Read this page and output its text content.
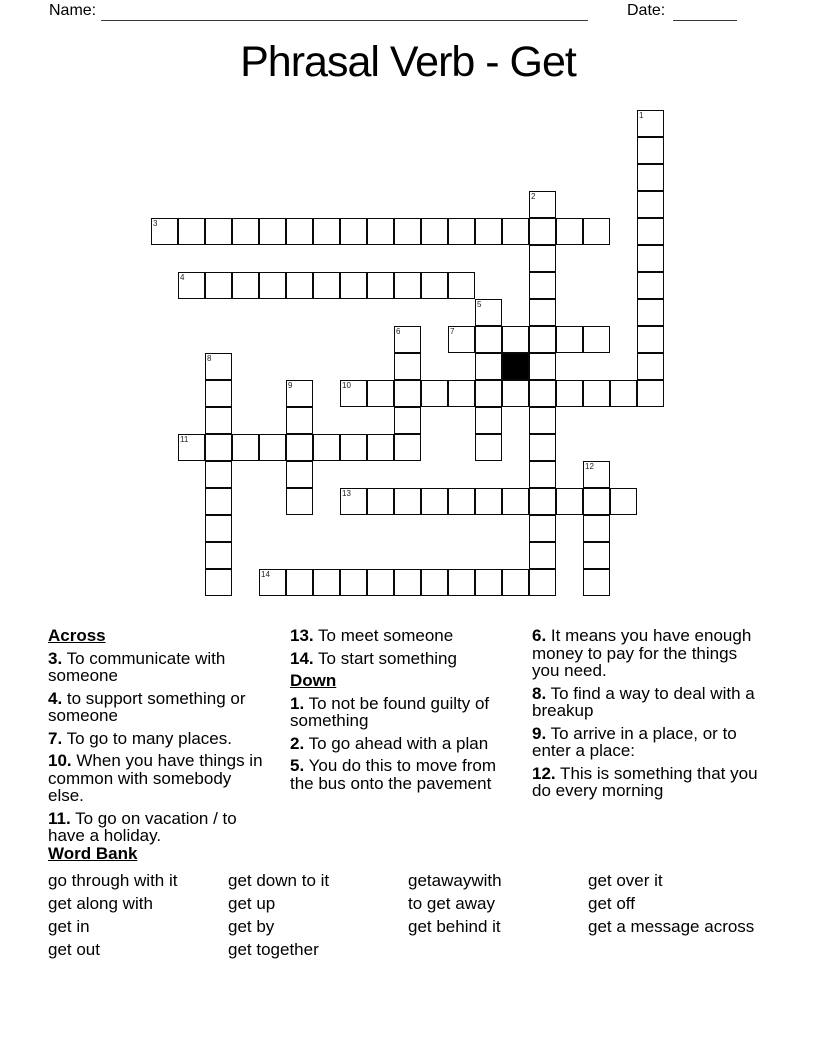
Name:	Date:
Phrasal Verb - Get
1
2
3
4
5
6	7
8
9	10
11
12
13
14

Across

3. To communicate with someone

4. to support something or someone

7. To go to many places.

10. When you have things in common with somebody else.

11. To go on vacation / to have a holiday.

13. To meet someone

14. To start something

Down

1. To not be found guilty of something

2. To go ahead with a plan

5. You do this to move from the bus onto the pavement

6. It means you have enough money to pay for the things you need.

8. To find a way to deal with a breakup

9. To arrive in a place, or to enter a place:

12. This is something that you do every morning

Word Bank
go through with it
get along with
get in
get out
get down to it
get up
get by
get together
getawaywith
to get away
get behind it
get over it
get off
get a message across
